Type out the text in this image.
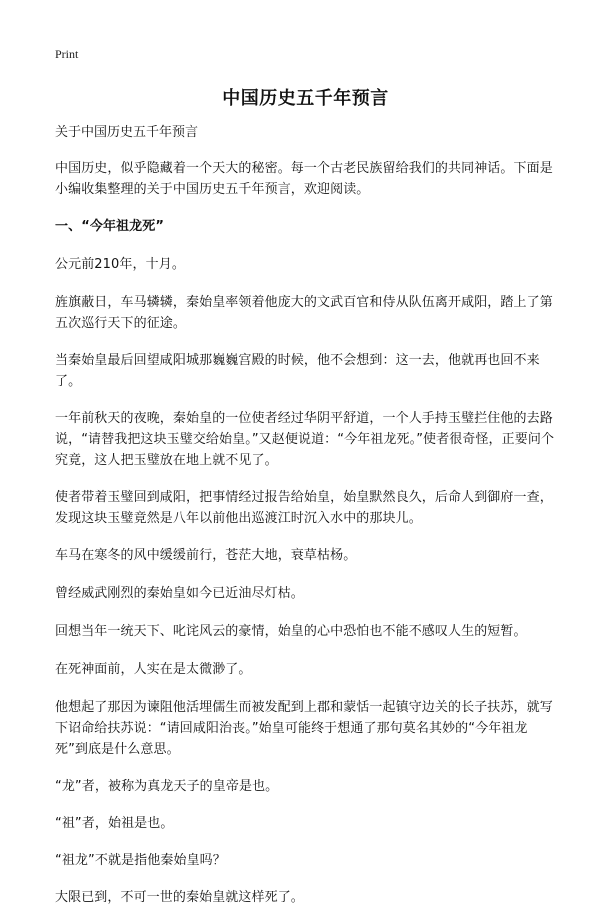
Print
中国历史五千年预言
关于中国历史五千年预言

中国历史，似乎隐藏着一个天大的秘密。每一个古老民族留给我们的共同神话。下面是小编收集整理的关于中国历史五千年预言，欢迎阅读。

一、“今年祖龙死”

公元前210年，十月。

旌旗蔽日，车马辚辚，秦始皇率领着他庞大的文武百官和侍从队伍离开咸阳，踏上了第五次巡行天下的征途。

当秦始皇最后回望咸阳城那巍巍宫殿的时候，他不会想到：这一去，他就再也回不来了。

一年前秋天的夜晚，秦始皇的一位使者经过华阴平舒道，一个人手持玉璧拦住他的去路说，“请替我把这块玉璧交给始皇。”又赵便说道：“今年祖龙死。”使者很奇怪，正要问个究竟，这人把玉璧放在地上就不见了。

使者带着玉璧回到咸阳，把事情经过报告给始皇，始皇默然良久，后命人到御府一查，发现这块玉璧竟然是八年以前他出巡渡江时沉入水中的那块儿。

车马在寒冬的风中缓缓前行，苍茫大地，衰草枯杨。

曾经威武刚烈的秦始皇如今已近油尽灯枯。

回想当年一统天下、叱诧风云的豪情，始皇的心中恐怕也不能不感叹人生的短暂。

在死神面前，人实在是太微渺了。

他想起了那因为谏阻他活埋儒生而被发配到上郡和蒙恬一起镇守边关的长子扶苏，就写下诏命给扶苏说：“请回咸阳治丧。”始皇可能终于想通了那句莫名其妙的“今年祖龙死”到底是什么意思。

“龙”者，被称为真龙天子的皇帝是也。

“祖”者，始祖是也。

“祖龙”不就是指他秦始皇吗？

大限已到，不可一世的秦始皇就这样死了。
